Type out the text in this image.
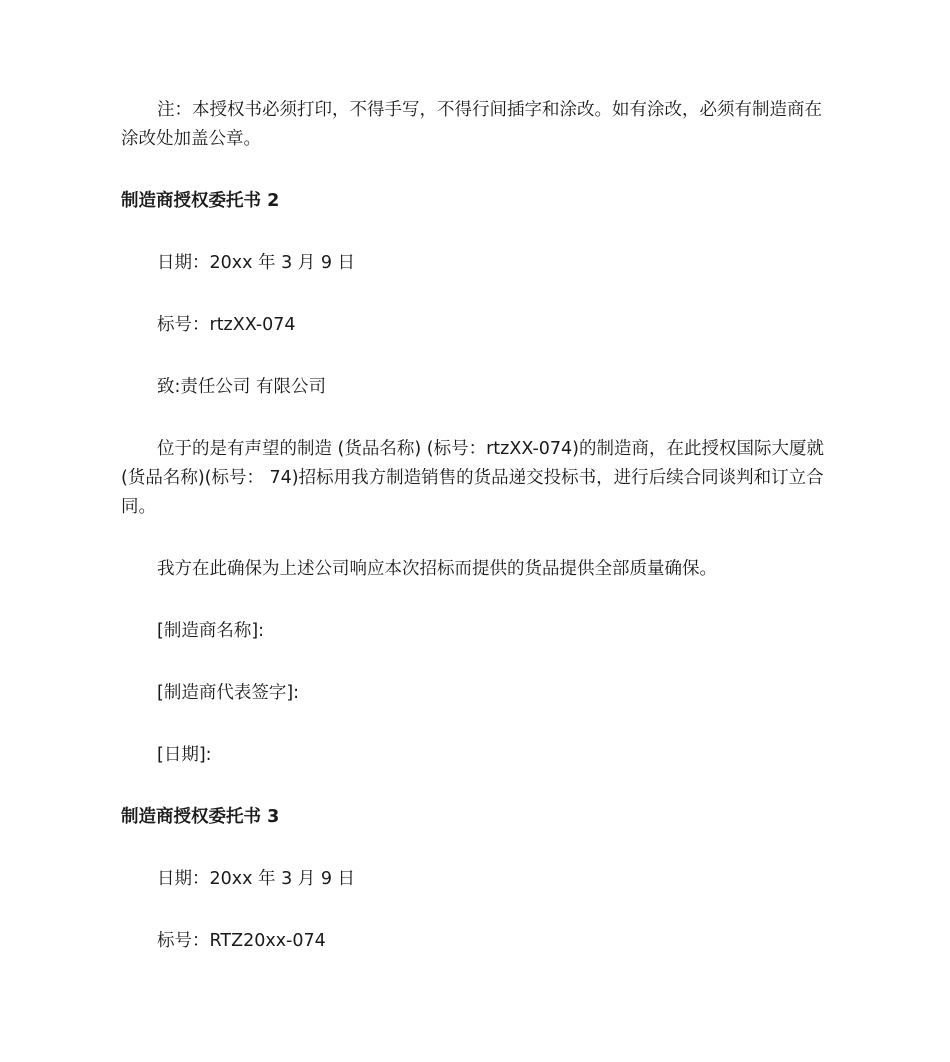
注：本授权书必须打印，不得手写，不得行间插字和涂改。如有涂改，必须有制造商在涂改处加盖公章。

制造商授权委托书 2

日期：20xx 年 3 月 9 日

标号：rtzXX-074

致:责任公司 有限公司

位于的是有声望的制造 (货品名称) (标号：rtzXX-074)的制造商，在此授权国际大厦就 (货品名称)(标号： 74)招标用我方制造销售的货品递交投标书，进行后续合同谈判和订立合同。

我方在此确保为上述公司响应本次招标而提供的货品提供全部质量确保。

[制造商名称]:

[制造商代表签字]:

[日期]:

制造商授权委托书 3

日期：20xx 年 3 月 9 日

标号：RTZ20xx-074
